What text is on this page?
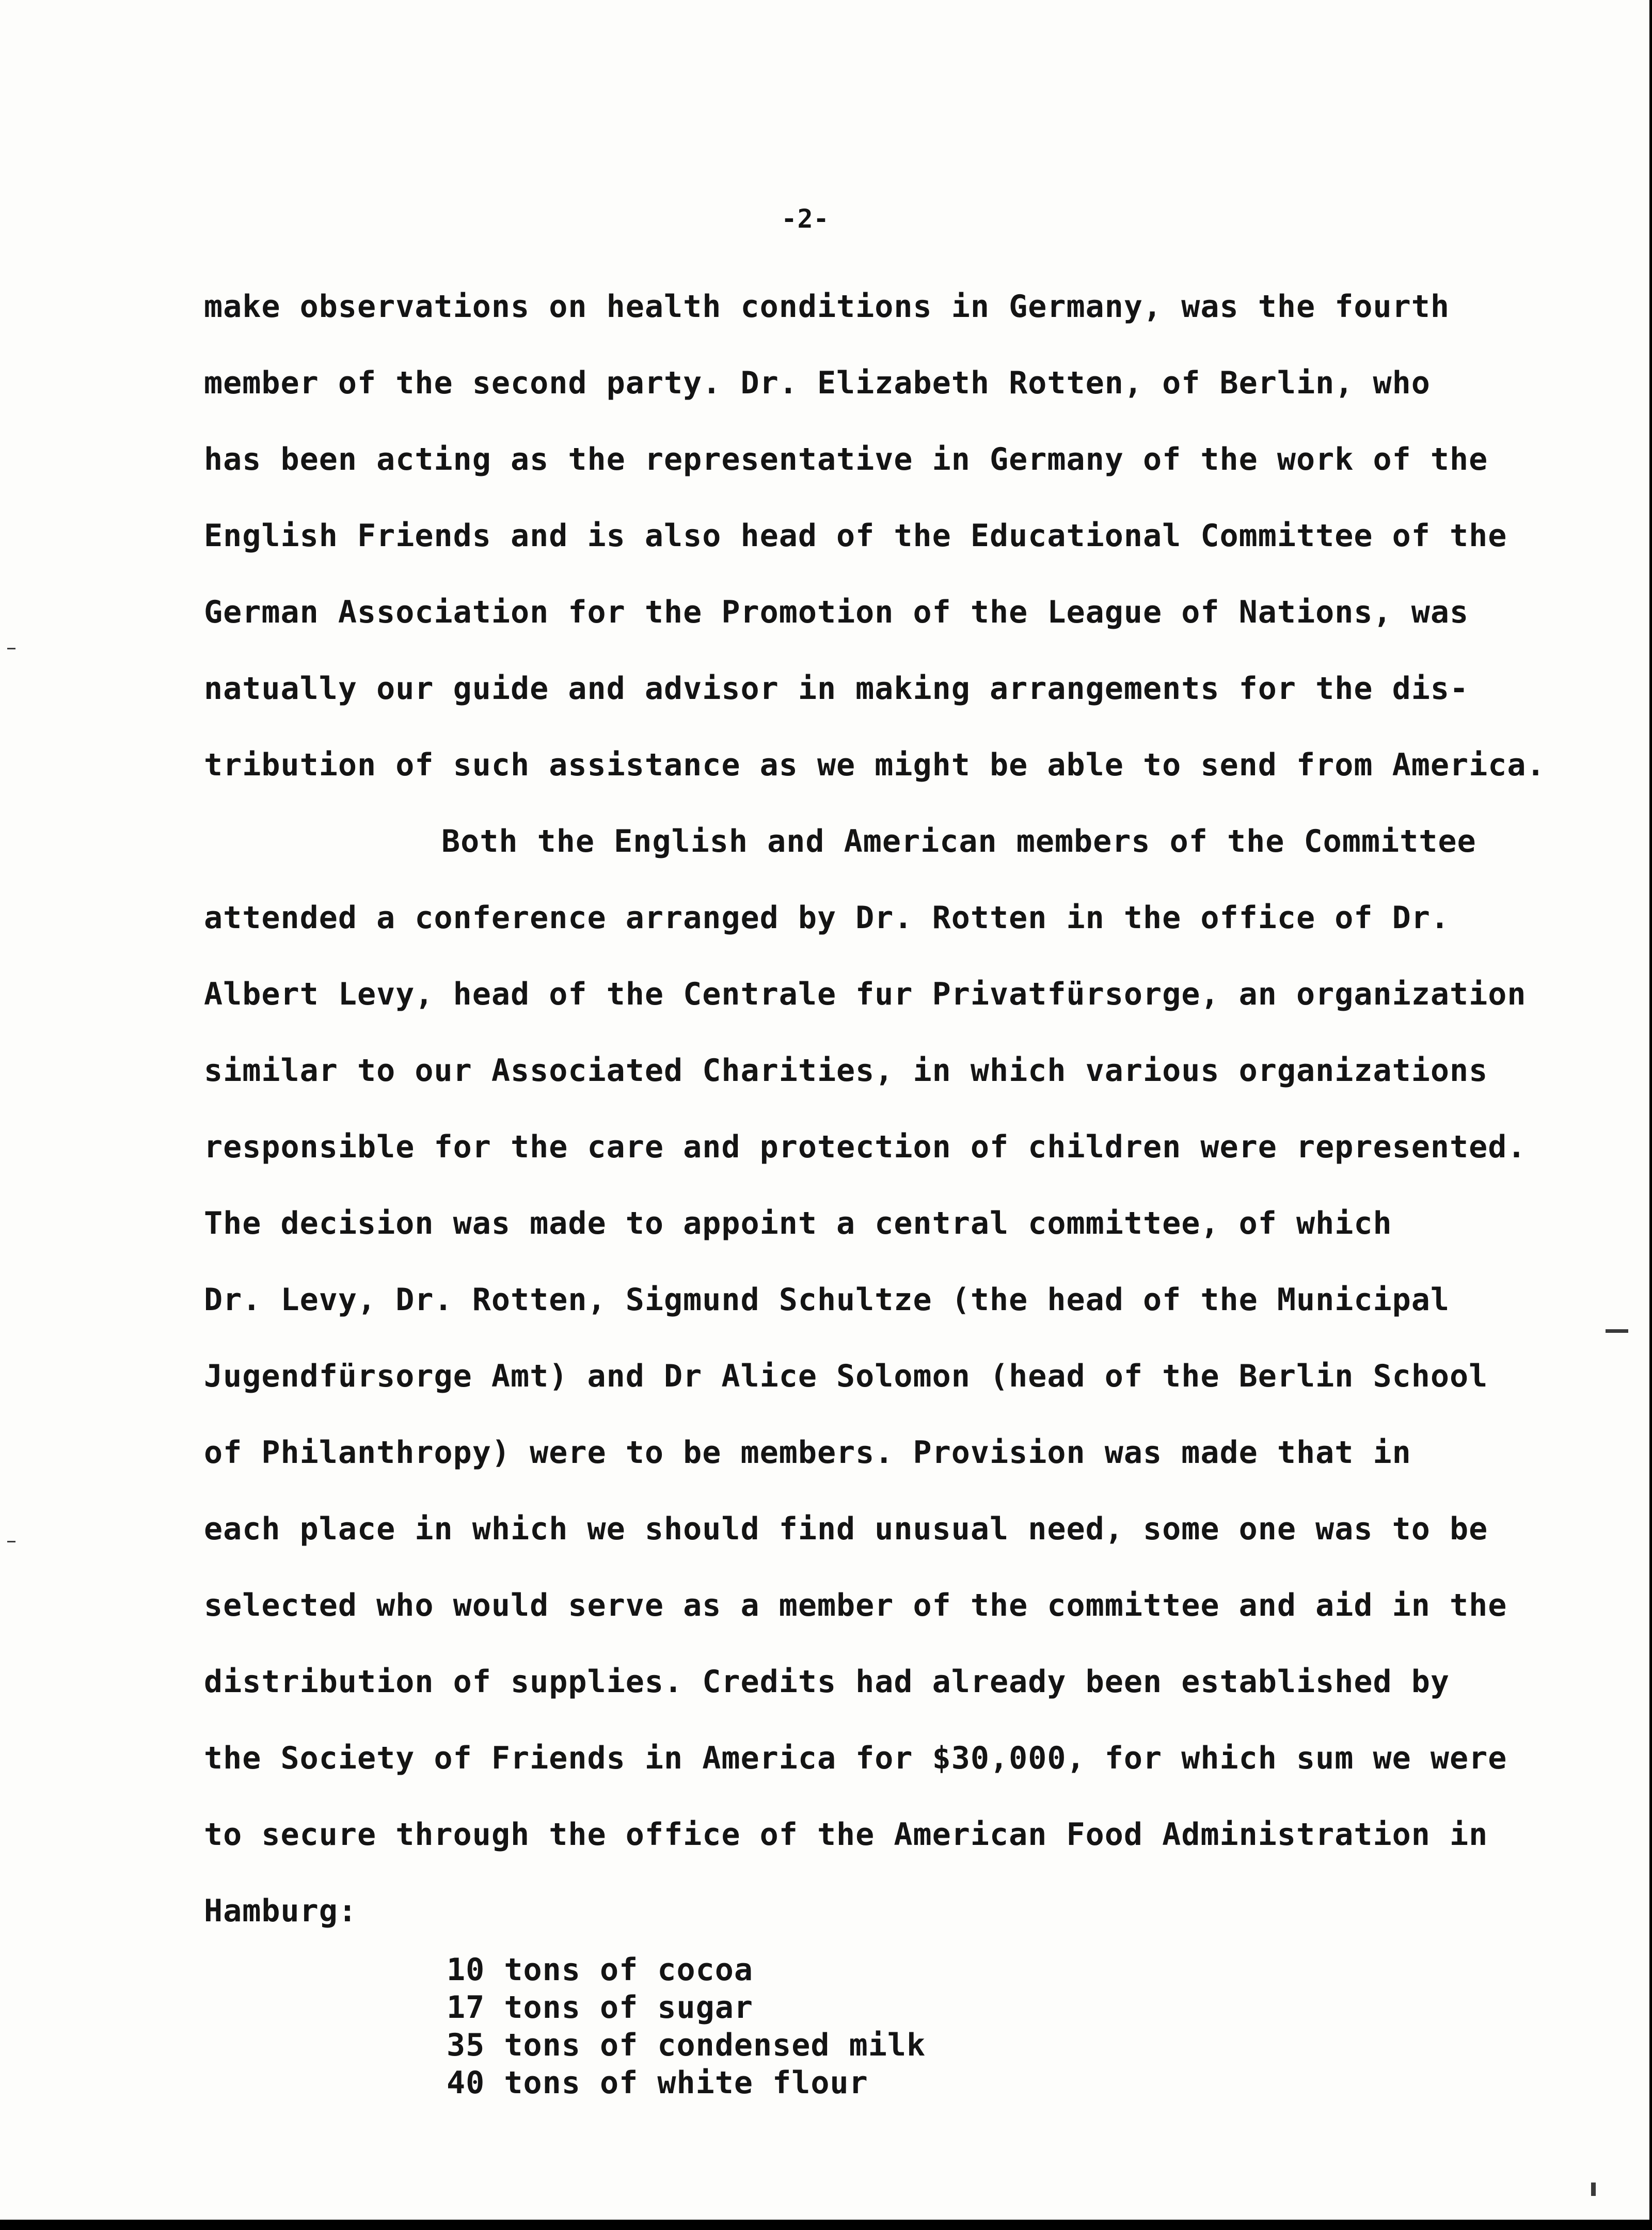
-2-
make observations on health conditions in Germany, was the fourth
member of the second party. Dr. Elizabeth Rotten, of Berlin, who
has been acting as the representative in Germany of the work of the
English Friends and is also head of the Educational Committee of the
German Association for the Promotion of the League of Nations, was
natually our guide and advisor in making arrangements for the dis-
tribution of such assistance as we might be able to send from America.
Both the English and American members of the Committee
attended a conference arranged by Dr. Rotten in the office of Dr.
Albert Levy, head of the Centrale fur Privatfürsorge, an organization
similar to our Associated Charities, in which various organizations
responsible for the care and protection of children were represented.
The decision was made to appoint a central committee, of which
Dr. Levy, Dr. Rotten, Sigmund Schultze (the head of the Municipal
Jugendfürsorge Amt) and Dr Alice Solomon (head of the Berlin School
of Philanthropy) were to be members. Provision was made that in
each place in which we should find unusual need, some one was to be
selected who would serve as a member of the committee and aid in the
distribution of supplies. Credits had already been established by
the Society of Friends in America for $30,000, for which sum we were
to secure through the office of the American Food Administration in
Hamburg:
10 tons of cocoa
17 tons of sugar
35 tons of condensed milk
40 tons of white flour
